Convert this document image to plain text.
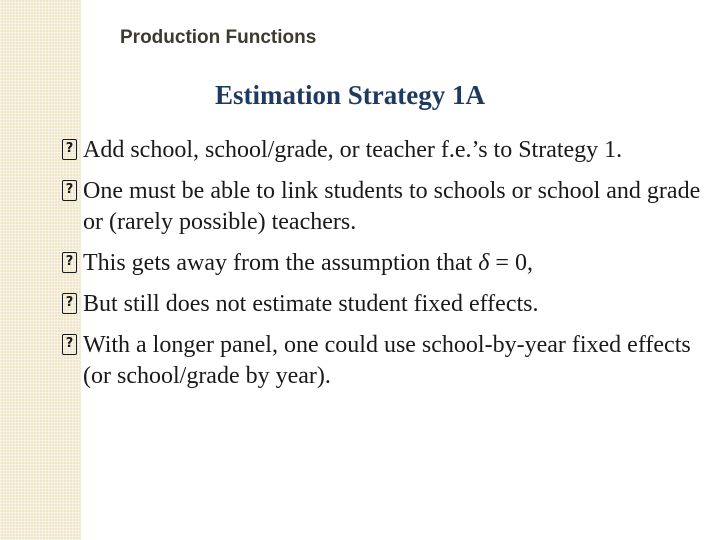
Production Functions
Estimation Strategy 1A
? Add school, school/grade, or teacher f.e.’s to Strategy 1.
? One must be able to link students to schools or school and grade or (rarely possible) teachers.
? This gets away from the assumption that δ = 0,
? But still does not estimate student fixed effects.
? With a longer panel, one could use school-by-year fixed effects (or school/grade by year).
